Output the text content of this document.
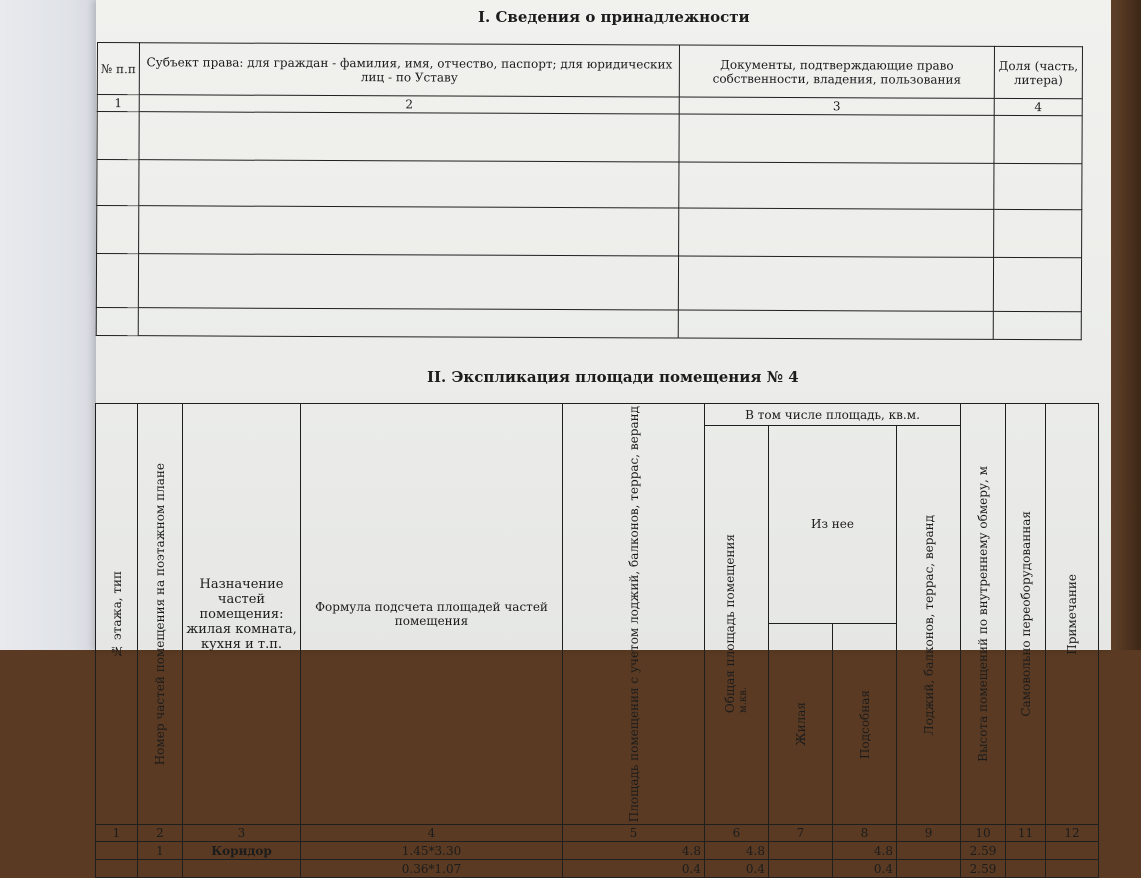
I. Сведения о принадлежности
№ п.п	Субъект права: для граждан - фамилия, имя, отчество, паспорт; для юридических лиц - по Уставу	Документы, подтверждающие право собственности, владения, пользования	Доля (часть, литера)
1	2	3	4

II. Экспликация площади помещения № 4
№ этажа, тип	Номер частей помещения на поэтажном плане	Назначение частей помещения: жилая комната, кухня и т.п.	Формула подсчета площадей частей помещения	Площадь помещения с учетом лоджий, балконов, террас, веранд	В том числе площадь, кв.м.				Высота помещений по внутреннему обмеру, м	Самовольно переоборудованная	Примечание

					Общая площадь помещениям.кв.	Из нее		Лоджий, балконов, террас, веранд			

						Жилая	Подсобная				

1	2	3	4	5	6	7	8	9	10	11	12
	1	Коридор	1.45*3.30	4.8	4.8		4.8		2.59		
			0.36*1.07	0.4	0.4		0.4		2.59		
